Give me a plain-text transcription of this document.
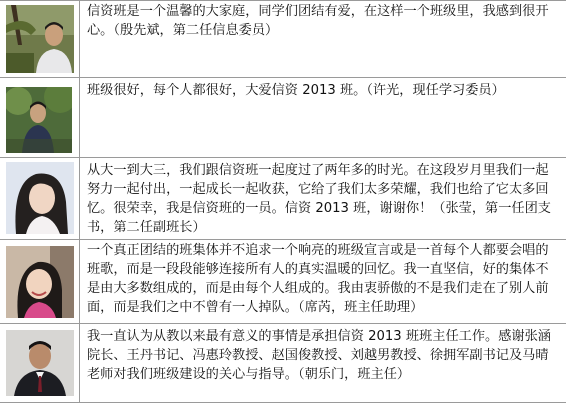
信资班是一个温馨的大家庭，同学们团结有爱，在这样一个班级里，我感到很开心。（殷先斌，第二任信息委员）
班级很好，每个人都很好，大爱信资 2013 班。（许光，现任学习委员）
从大一到大三，我们跟信资班一起度过了两年多的时光。在这段岁月里我们一起努力一起付出，一起成长一起收获，它给了我们太多荣耀，我们也给了它太多回忆。很荣幸，我是信资班的一员。信资 2013 班，谢谢你！（张莹，第一任团支书，第二任副班长）
一个真正团结的班集体并不追求一个响亮的班级宣言或是一首每个人都要会唱的班歌，而是一段段能够连接所有人的真实温暖的回忆。我一直坚信，好的集体不是由大多数组成的，而是由每个人组成的。我由衷骄傲的不是我们走在了别人前面，而是我们之中不曾有一人掉队。（席芮，班主任助理）
我一直认为从教以来最有意义的事情是承担信资 2013 班班主任工作。感谢张涵院长、王丹书记、冯惠玲教授、赵国俊教授、刘越男教授、徐拥军副书记及马晴老师对我们班级建设的关心与指导。（朝乐门，班主任）
